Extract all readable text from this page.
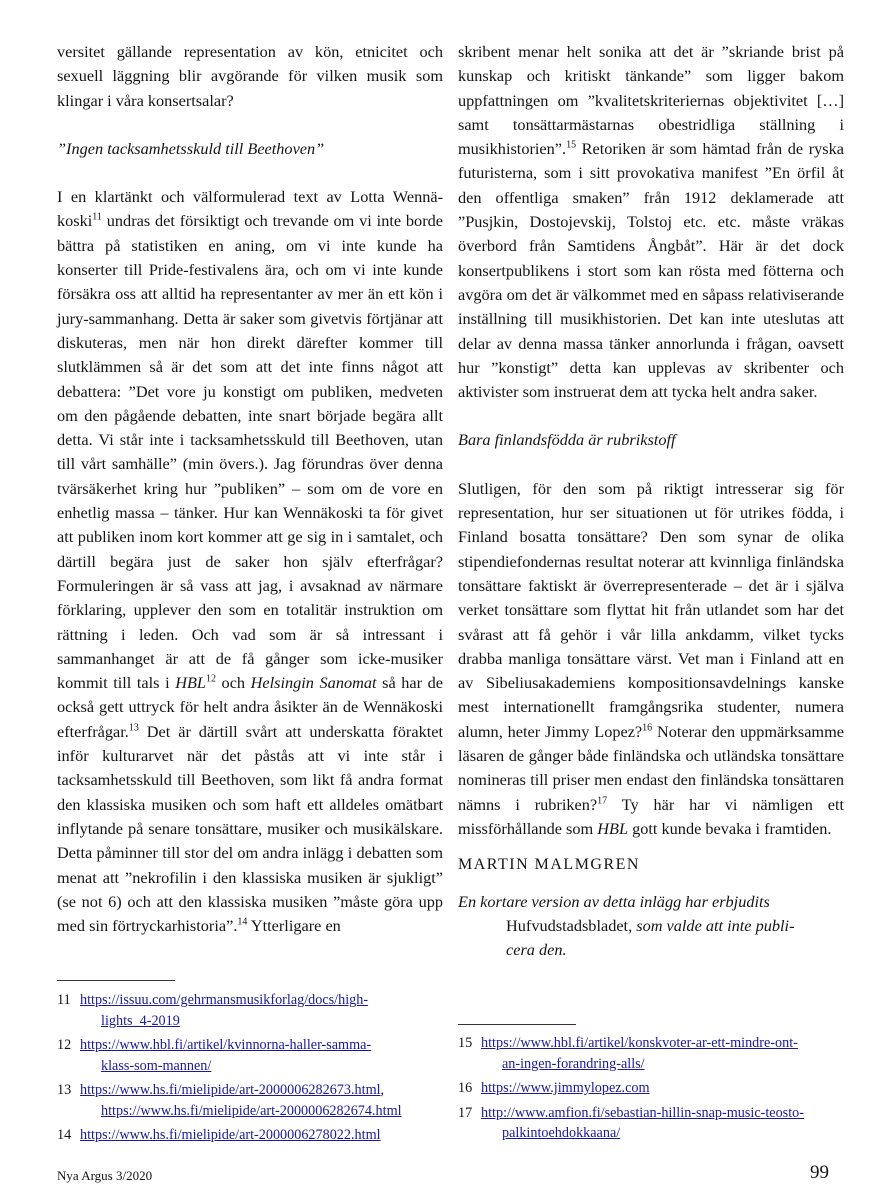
versitet gällande representation av kön, etnicitet och sexuell läggning blir avgörande för vilken musik som klingar i våra konsertsalar?

”Ingen tacksamhetsskuld till Beethoven”

I en klartänkt och välformulerad text av Lotta Wennäkoski$^{11}$ undras det försiktigt och trevande om vi inte borde bättra på statistiken en aning, om vi inte kunde ha konserter till Pride-festivalens ära, och om vi inte kunde försäkra oss att alltid ha representanter av mer än ett kön i jury-sammanhang. Detta är saker som givetvis förtjänar att diskuteras, men när hon direkt därefter kommer till slutklämmen så är det som att det inte finns något att debattera: ”Det vore ju konstigt om publiken, medveten om den pågående debatten, inte snart började begära allt detta. Vi står inte i tacksamhetsskuld till Beethoven, utan till vårt samhälle” (min övers.). Jag förundras över denna tvärsäkerhet kring hur ”publiken” – som om de vore en enhetlig massa – tänker. Hur kan Wennäkoski ta för givet att publiken inom kort kommer att ge sig in i samtalet, och därtill begära just de saker hon själv efterfrågar? Formuleringen är så vass att jag, i avsaknad av närmare förklaring, upplever den som en totalitär instruktion om rättning i leden. Och vad som är så intressant i sammanhanget är att de få gånger som icke-musiker kommit till tals i HBL$^{12}$ och Helsingin Sanomat så har de också gett uttryck för helt andra åsikter än de Wennäkoski efterfrågar.$^{13}$ Det är därtill svårt att underskatta föraktet inför kulturarvet när det påstås att vi inte står i tacksamhetsskuld till Beethoven, som likt få andra format den klassiska musiken och som haft ett alldeles omätbart inflytande på senare tonsättare, musiker och musikälskare. Detta påminner till stor del om andra inlägg i debatten som menat att ”nekrofilin i den klassiska musiken är sjukligt” (se not 6) och att den klassiska musiken ”måste göra upp med sin förtryckarhistoria”.$^{14}$ Ytterligare en

skribent menar helt sonika att det är ”skriande brist på kunskap och kritiskt tänkande” som ligger bakom uppfattningen om ”kvalitetskriteriernas objektivitet […] samt tonsättarmästarnas obestridliga ställning i musikhistorien”.$^{15}$ Retoriken är som hämtad från de ryska futuristerna, som i sitt provokativa manifest ”En örfil åt den offentliga smaken” från 1912 deklamerade att ”Pusjkin, Dostojevskij, Tolstoj etc. etc. måste vräkas överbord från Samtidens Ångbåt”. Här är det dock konsertpublikens i stort som kan rösta med fötterna och avgöra om det är välkommet med en såpass relativiserande inställning till musikhistorien. Det kan inte uteslutas att delar av denna massa tänker annorlunda i frågan, oavsett hur ”konstigt” detta kan upplevas av skribenter och aktivister som instruerat dem att tycka helt andra saker.

Bara finlandsfödda är rubrikstoff

Slutligen, för den som på riktigt intresserar sig för representation, hur ser situationen ut för utrikes födda, i Finland bosatta tonsättare? Den som synar de olika stipendiefondernas resultat noterar att kvinnliga finländska tonsättare faktiskt är överrepresenterade – det är i själva verket tonsättare som flyttat hit från utlandet som har det svårast att få gehör i vår lilla ankdamm, vilket tycks drabba manliga tonsättare värst. Vet man i Finland att en av Sibeliusakademiens kompositionsavdelnings kanske mest internationellt framgångsrika studenter, numera alumn, heter Jimmy Lopez?$^{16}$ Noterar den uppmärksamme läsaren de gånger både finländska och utländska tonsättare nomineras till priser men endast den finländska tonsättaren nämns i rubriken?$^{17}$ Ty här har vi nämligen ett missförhållande som HBL gott kunde bevaka i framtiden.

MARTIN MALMGREN

En kortare version av detta inlägg har erbjudits

Hufvudstadsbladet, som valde att inte publi-

cera den.

11 https://issuu.com/gehrmansmusikforlag/docs/high-
lights_4-2019
12 https://www.hbl.fi/artikel/kvinnorna-haller-samma-
klass-som-mannen/
13 https://www.hs.fi/mielipide/art-2000006282673.html,
https://www.hs.fi/mielipide/art-2000006282674.html
14 https://www.hs.fi/mielipide/art-2000006278022.html
15 https://www.hbl.fi/artikel/konskvoter-ar-ett-mindre-ont-
an-ingen-forandring-alls/
16 https://www.jimmylopez.com
17 http://www.amfion.fi/sebastian-hillin-snap-music-teosto-
palkintoehdokkaana/
Nya Argus 3/2020	99
